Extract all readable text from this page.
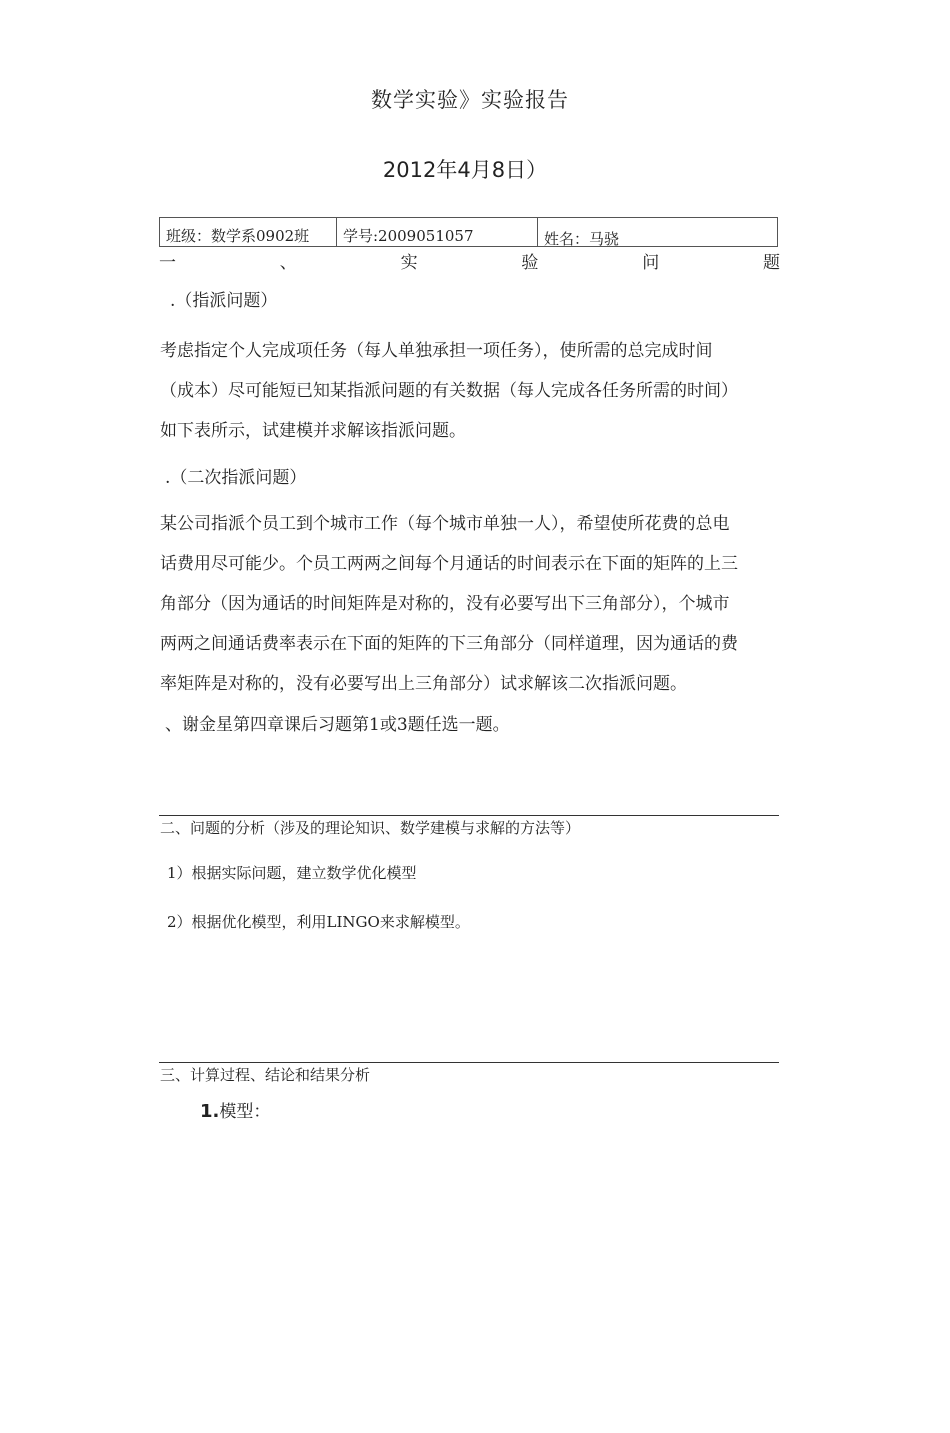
数学实验》实验报告
2012年4月8日）
班级：数学系0902班	学号:2009051057	姓名：马骁
一	、	实	验	问	题
.（指派问题）
考虑指定个人完成项任务（每人单独承担一项任务），使所需的总完成时间
（成本）尽可能短已知某指派问题的有关数据（每人完成各任务所需的时间）
如下表所示，试建模并求解该指派问题。
.（二次指派问题）
某公司指派个员工到个城市工作（每个城市单独一人），希望使所花费的总电
话费用尽可能少。个员工两两之间每个月通话的时间表示在下面的矩阵的上三
角部分（因为通话的时间矩阵是对称的，没有必要写出下三角部分），个城市
两两之间通话费率表示在下面的矩阵的下三角部分（同样道理，因为通话的费
率矩阵是对称的，没有必要写出上三角部分）试求解该二次指派问题。
、谢金星第四章课后习题第1或3题任选一题。
二、问题的分析（涉及的理论知识、数学建模与求解的方法等）
1）根据实际问题，建立数学优化模型
2）根据优化模型，利用LINGO来求解模型。
三、计算过程、结论和结果分析
1.模型：
